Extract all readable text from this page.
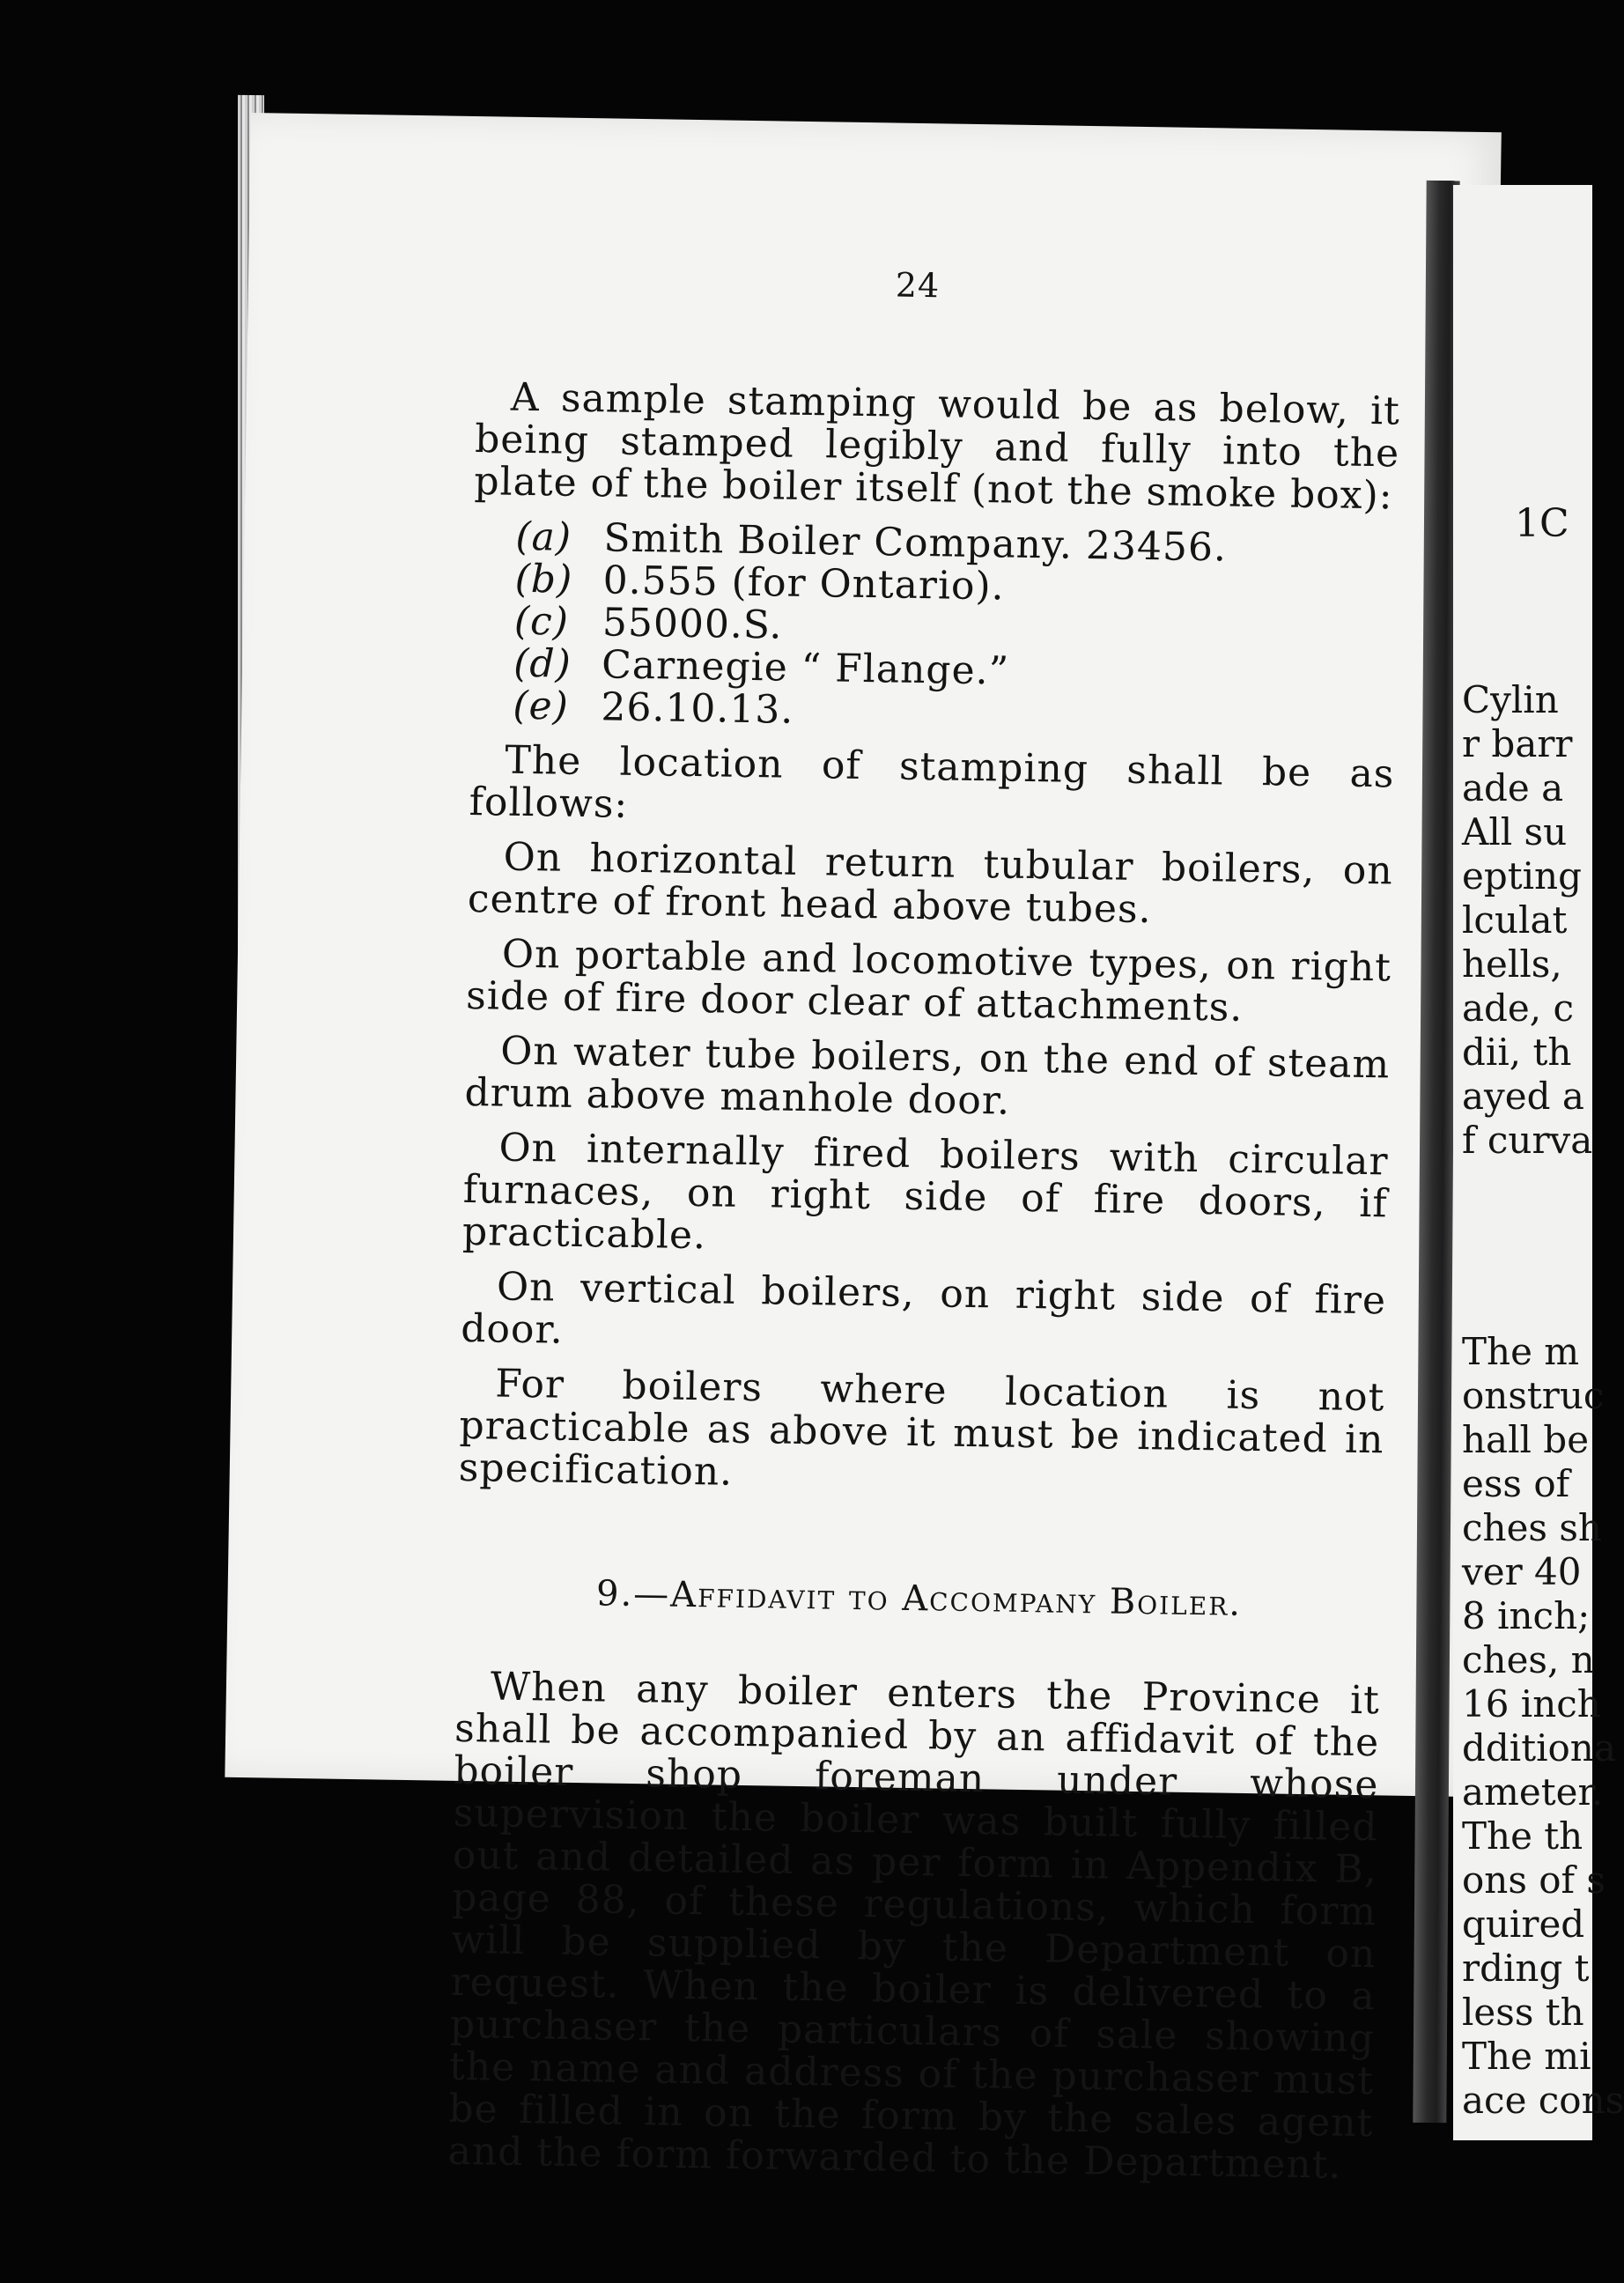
24

A sample stamping would be as below, it being stamped legibly and fully into the plate of the boiler itself (not the smoke box):

(a) Smith Boiler Company. 23456.
(b) 0.555 (for Ontario).
(c) 55000.S.
(d) Carnegie “ Flange.”
(e) 26.10.13.

The location of stamping shall be as follows:

On horizontal return tubular boilers, on centre of front head above tubes.

On portable and locomotive types, on right side of fire door clear of attachments.

On water tube boilers, on the end of steam drum above manhole door.

On internally fired boilers with circular furnaces, on right side of fire doors, if practicable.

On vertical boilers, on right side of fire door.

For boilers where location is not practicable as above it must be indicated in specification.

9.—Affidavit to Accompany Boiler.

When any boiler enters the Province it shall be accompanied by an affidavit of the boiler shop foreman under whose supervision the boiler was built fully filled out and detailed as per form in Appendix B, page 88, of these regulations, which form will be supplied by the Department on request. When the boiler is delivered to a purchaser the particulars of sale showing the name and address of the purchaser must be filled in on the form by the sales agent and the form forwarded to the Department.

1C
Cylin
r barr
ade a
All su
epting
lculat
hells,
ade, c
dii, th
ayed a
f curva
The m
onstruc
hall be
ess of
ches sh
ver 40
8 inch;
ches, n
16 inch
dditiona
ameter.
The th
ons of s
quired
rding t
less th
The mi
ace cons
